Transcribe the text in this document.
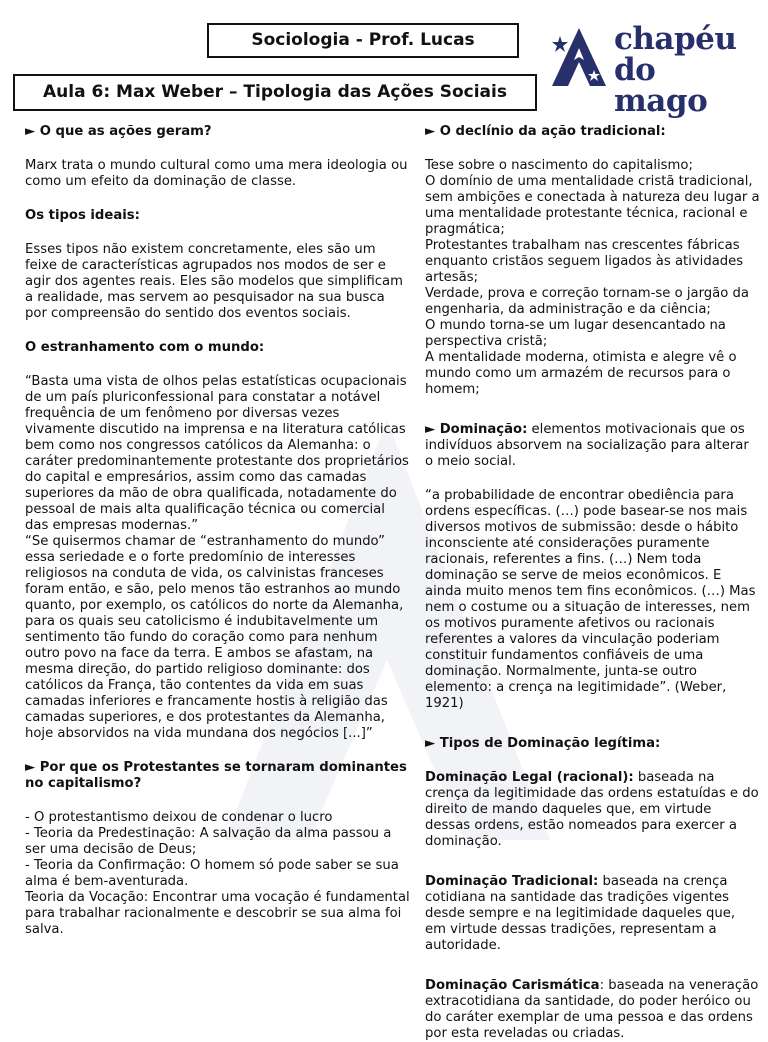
Sociologia - Prof. Lucas
Aula 6: Max Weber – Tipologia das Ações Sociais
chapéu
do mago

► O que as ações geram?

Marx trata o mundo cultural como uma mera ideologia ou como um efeito da dominação de classe.

Os tipos ideais:

Esses tipos não existem concretamente, eles são um feixe de características agrupados nos modos de ser e agir dos agentes reais. Eles são modelos que simplificam a realidade, mas servem ao pesquisador na sua busca por compreensão do sentido dos eventos sociais.

O estranhamento com o mundo:

“Basta uma vista de olhos pelas estatísticas ocupacionais de um país pluriconfessional para constatar a notável frequência de um fenômeno por diversas vezes vivamente discutido na imprensa e na literatura católicas bem como nos congressos católicos da Alemanha: o caráter predominantemente protestante dos proprietários do capital e empresários, assim como das camadas superiores da mão de obra qualificada, notadamente do pessoal de mais alta qualificação técnica ou comercial das empresas modernas.”

“Se quisermos chamar de “estranhamento do mundo” essa seriedade e o forte predomínio de interesses religiosos na conduta de vida, os calvinistas franceses foram então, e são, pelo menos tão estranhos ao mundo quanto, por exemplo, os católicos do norte da Alemanha, para os quais seu catolicismo é indubitavelmente um sentimento tão fundo do coração como para nenhum outro povo na face da terra. E ambos se afastam, na mesma direção, do partido religioso dominante: dos católicos da França, tão contentes da vida em suas camadas inferiores e francamente hostis à religião das camadas superiores, e dos protestantes da Alemanha, hoje absorvidos na vida mundana dos negócios [...]”

► Por que os Protestantes se tornaram dominantes no capitalismo?

- O protestantismo deixou de condenar o lucro

- Teoria da Predestinação: A salvação da alma passou a ser uma decisão de Deus;

- Teoria da Confirmação: O homem só pode saber se sua alma é bem-aventurada.

Teoria da Vocação: Encontrar uma vocação é fundamental para trabalhar racionalmente e descobrir se sua alma foi salva.

► O declínio da ação tradicional:

Tese sobre o nascimento do capitalismo;

O domínio de uma mentalidade cristã tradicional, sem ambições e conectada à natureza deu lugar a uma mentalidade protestante técnica, racional e pragmática;

Protestantes trabalham nas crescentes fábricas enquanto cristãos seguem ligados às atividades artesãs;

Verdade, prova e correção tornam-se o jargão da engenharia, da administração e da ciência;

O mundo torna-se um lugar desencantado na perspectiva cristã;

A mentalidade moderna, otimista e alegre vê o mundo como um armazém de recursos para o homem;

► Dominação: elementos motivacionais que os indivíduos absorvem na socialização para alterar o meio social.

“a probabilidade de encontrar obediência para ordens específicas. (…) pode basear-se nos mais diversos motivos de submissão: desde o hábito inconsciente até considerações puramente racionais, referentes a fins. (…) Nem toda dominação se serve de meios econômicos. E ainda muito menos tem fins econômicos. (…) Mas nem o costume ou a situação de interesses, nem os motivos puramente afetivos ou racionais referentes a valores da vinculação poderiam constituir fundamentos confiáveis de uma dominação. Normalmente, junta-se outro elemento: a crença na legitimidade”. (Weber, 1921)

► Tipos de Dominação legítima:

Dominação Legal (racional): baseada na crença da legitimidade das ordens estatuídas e do direito de mando daqueles que, em virtude dessas ordens, estão nomeados para exercer a dominação.

Dominação Tradicional: baseada na crença cotidiana na santidade das tradições vigentes desde sempre e na legitimidade daqueles que, em virtude dessas tradições, representam a autoridade.

Dominação Carismática: baseada na veneração extracotidiana da santidade, do poder heróico ou do caráter exemplar de uma pessoa e das ordens por esta reveladas ou criadas.
